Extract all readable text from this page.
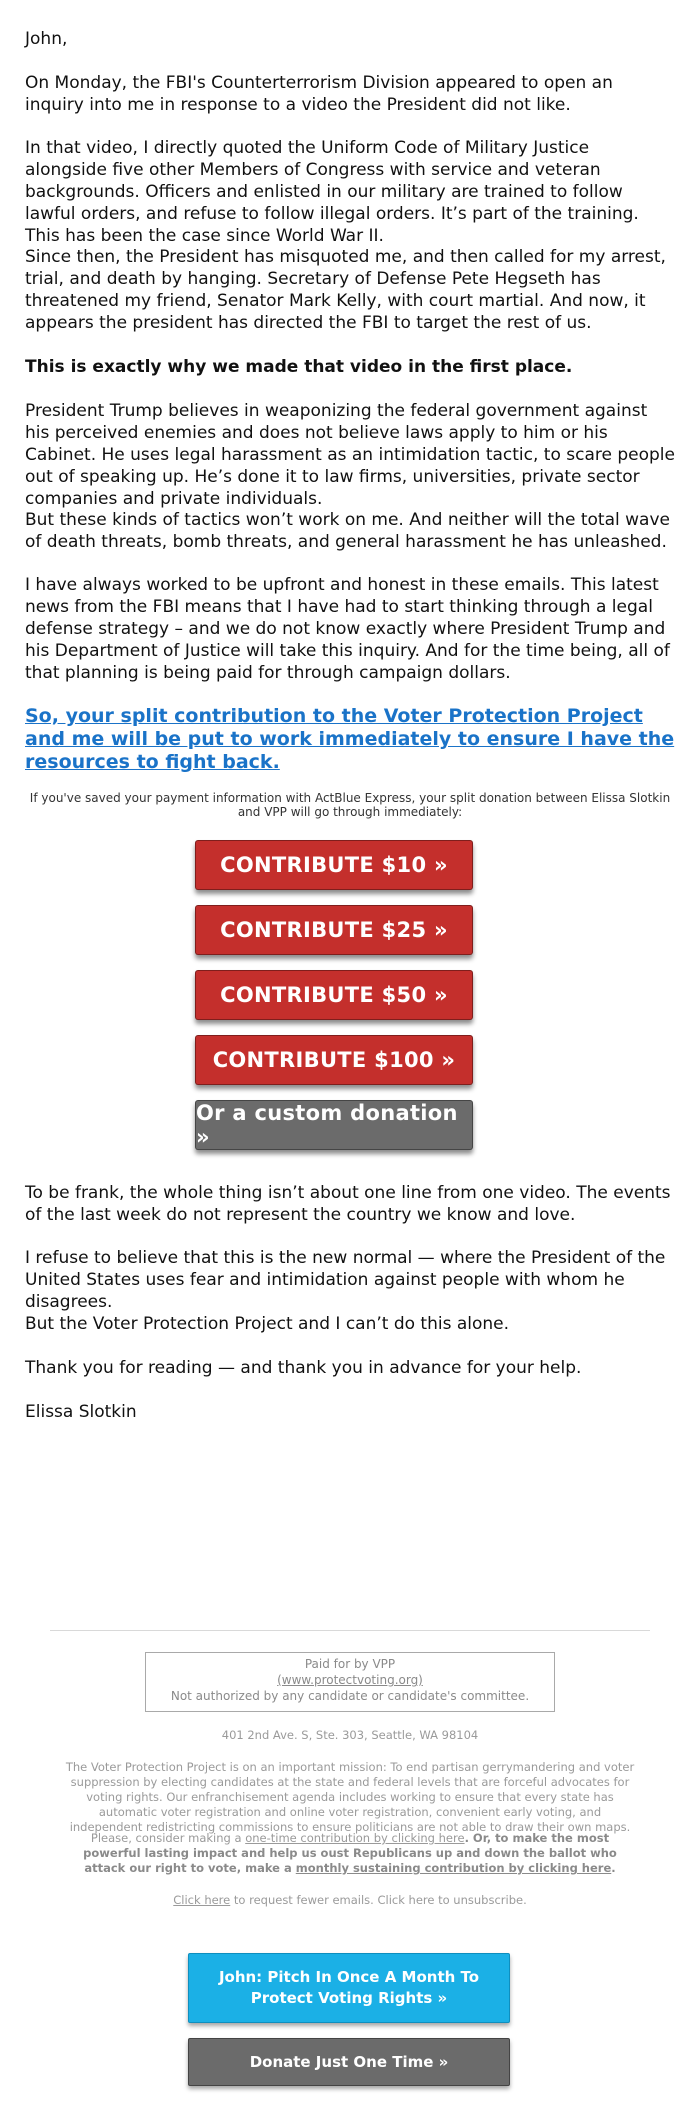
John,

On Monday, the FBI's Counterterrorism Division appeared to open an inquiry into me in response to a video the President did not like.

In that video, I directly quoted the Uniform Code of Military Justice alongside five other Members of Congress with service and veteran backgrounds. Officers and enlisted in our military are trained to follow lawful orders, and refuse to follow illegal orders. It’s part of the training. This has been the case since World War II.

Since then, the President has misquoted me, and then called for my arrest, trial, and death by hanging. Secretary of Defense Pete Hegseth has threatened my friend, Senator Mark Kelly, with court martial. And now, it appears the president has directed the FBI to target the rest of us.

This is exactly why we made that video in the first place.

President Trump believes in weaponizing the federal government against his perceived enemies and does not believe laws apply to him or his Cabinet. He uses legal harassment as an intimidation tactic, to scare people out of speaking up. He’s done it to law firms, universities, private sector companies and private individuals.

But these kinds of tactics won’t work on me. And neither will the total wave of death threats, bomb threats, and general harassment he has unleashed.

I have always worked to be upfront and honest in these emails. This latest news from the FBI means that I have had to start thinking through a legal defense strategy – and we do not know exactly where President Trump and his Department of Justice will take this inquiry. And for the time being, all of that planning is being paid for through campaign dollars.

So, your split contribution to the Voter Protection Project and me will be put to work immediately to ensure I have the resources to fight back.

If you've saved your payment information with ActBlue Express, your split donation between Elissa Slotkin and VPP will go through immediately:
CONTRIBUTE $10 »
CONTRIBUTE $25 »
CONTRIBUTE $50 »
CONTRIBUTE $100 »
Or a custom donation »

To be frank, the whole thing isn’t about one line from one video. The events of the last week do not represent the country we know and love.

I refuse to believe that this is the new normal — where the President of the United States uses fear and intimidation against people with whom he disagrees.

But the Voter Protection Project and I can’t do this alone.

Thank you for reading — and thank you in advance for your help.

Elissa Slotkin

Paid for by VPP
(www.protectvoting.org)
Not authorized by any candidate or candidate's committee.
401 2nd Ave. S, Ste. 303, Seattle, WA 98104
The Voter Protection Project is on an important mission: To end partisan gerrymandering and voter suppression by electing candidates at the state and federal levels that are forceful advocates for voting rights. Our enfranchisement agenda includes working to ensure that every state has automatic voter registration and online voter registration, convenient early voting, and independent redistricting commissions to ensure politicians are not able to draw their own maps.
Please, consider making a one-time contribution by clicking here. Or, to make the most powerful lasting impact and help us oust Republicans up and down the ballot who attack our right to vote, make a monthly sustaining contribution by clicking here.
Click here to request fewer emails. Click here to unsubscribe.
John: Pitch In Once A Month To Protect Voting Rights »
Donate Just One Time »
